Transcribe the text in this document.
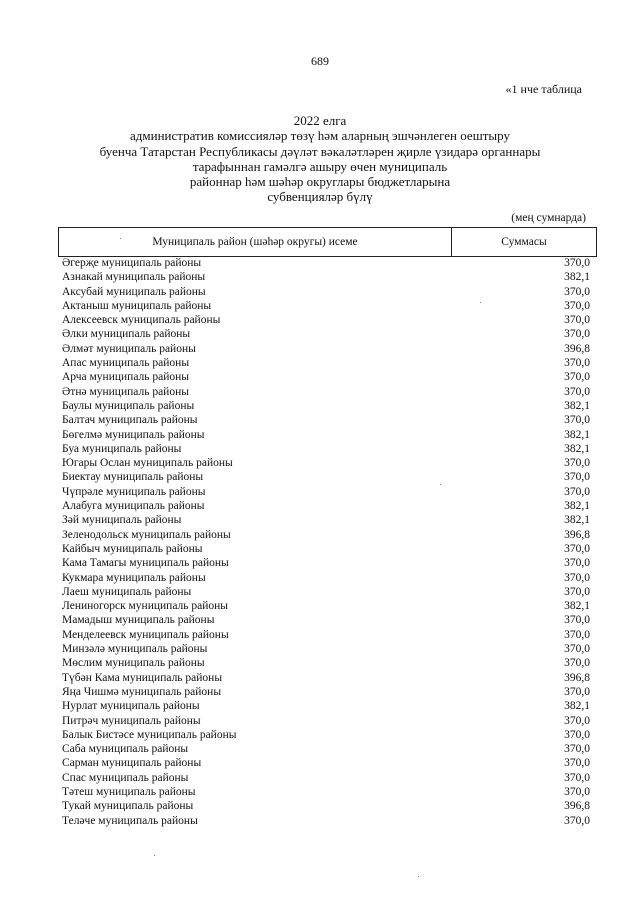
689
«1 нче таблица
2022 елга
административ комиссияләр төзү һәм аларның эшчәнлеген оештыру
буенча Татарстан Республикасы дәүләт вәкаләтләрен җирле үзидарә органнары
тарафыннан гамәлгә ашыру өчен муниципаль
районнар һәм шәһәр округлары бюджетларына
субвенцияләр бүлү
(мең сумнарда)
Муниципаль район (шәһәр округы) исеме	Суммасы
Әгерҗе муниципаль районы	370,0
Азнакай муниципаль районы	382,1
Аксубай муниципаль районы	370,0
Актаныш муниципаль районы	370,0
Алексеевск муниципаль районы	370,0
Әлки муниципаль районы	370,0
Әлмәт муниципаль районы	396,8
Апас муниципаль районы	370,0
Арча муниципаль районы	370,0
Әтнә муниципаль районы	370,0
Баулы муниципаль районы	382,1
Балтач муниципаль районы	370,0
Бөгелмә муниципаль районы	382,1
Буа муниципаль районы	382,1
Югары Ослан муниципаль районы	370,0
Биектау муниципаль районы	370,0
Чүпрәле муниципаль районы	370,0
Алабуга муниципаль районы	382,1
Зәй муниципаль районы	382,1
Зеленодольск муниципаль районы	396,8
Кайбыч муниципаль районы	370,0
Кама Тамагы муниципаль районы	370,0
Кукмара муниципаль районы	370,0
Лаеш муниципаль районы	370,0
Лениногорск муниципаль районы	382,1
Мамадыш муниципаль районы	370,0
Менделеевск муниципаль районы	370,0
Минзәлә муниципаль районы	370,0
Мөслим муниципаль районы	370,0
Түбән Кама муниципаль районы	396,8
Яңа Чишмә муниципаль районы	370,0
Нурлат муниципаль районы	382,1
Питрәч муниципаль районы	370,0
Балык Бистәсе муниципаль районы	370,0
Саба муниципаль районы	370,0
Сарман муниципаль районы	370,0
Спас муниципаль районы	370,0
Тәтеш муниципаль районы	370,0
Тукай муниципаль районы	396,8
Теләче муниципаль районы	370,0
